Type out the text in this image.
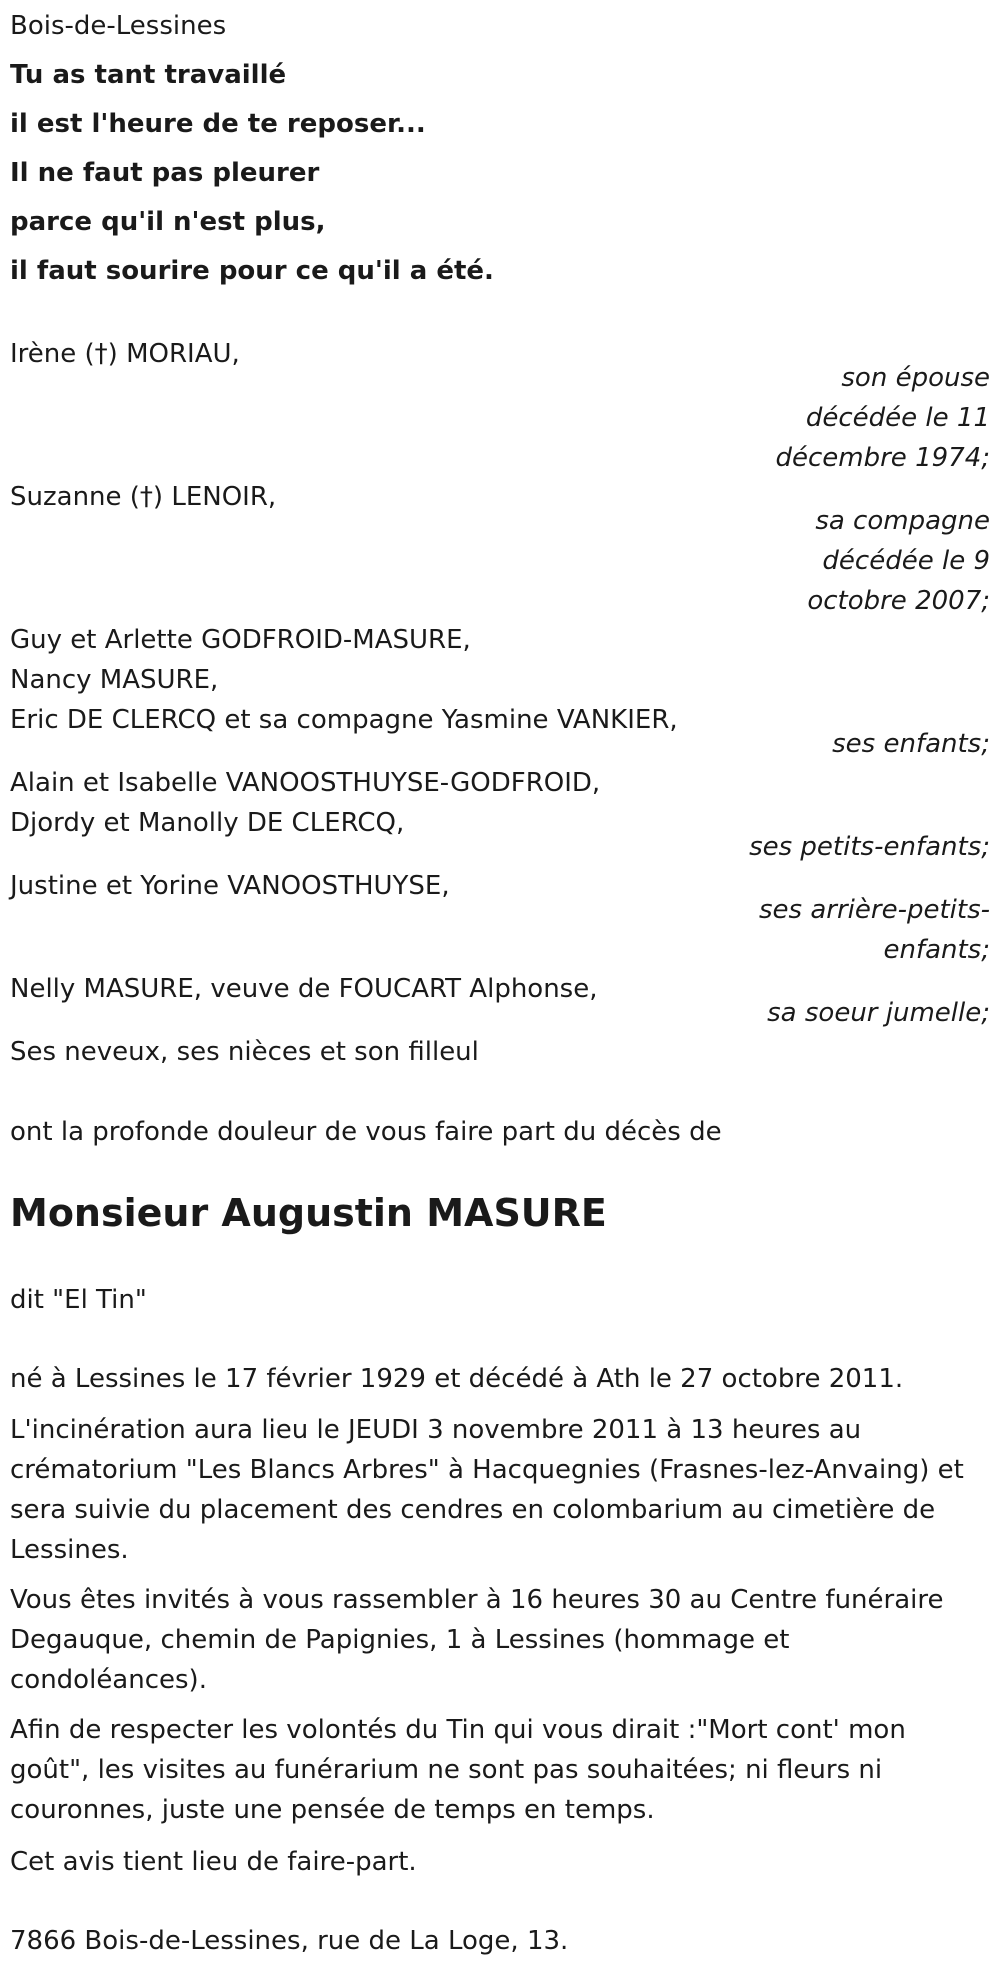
Bois-de-Lessines
Tu as tant travaillé
il est l'heure de te reposer...
Il ne faut pas pleurer
parce qu'il n'est plus,
il faut sourire pour ce qu'il a été.
Irène (†) MORIAU,
son épouse
décédée le 11
décembre 1974;
Suzanne (†) LENOIR,
sa compagne
décédée le 9
octobre 2007;
Guy et Arlette GODFROID-MASURE,
Nancy MASURE,
Eric DE CLERCQ et sa compagne Yasmine VANKIER,
ses enfants;
Alain et Isabelle VANOOSTHUYSE-GODFROID,
Djordy et Manolly DE CLERCQ,
ses petits-enfants;
Justine et Yorine VANOOSTHUYSE,
ses arrière-petits-
enfants;
Nelly MASURE, veuve de FOUCART Alphonse,
sa soeur jumelle;
Ses neveux, ses nièces et son filleul
ont la profonde douleur de vous faire part du décès de
Monsieur Augustin MASURE
dit "El Tin"
né à Lessines le 17 février 1929 et décédé à Ath le 27 octobre 2011.
L'incinération aura lieu le JEUDI 3 novembre 2011 à 13 heures au crématorium "Les Blancs Arbres" à Hacquegnies (Frasnes-lez-Anvaing) et sera suivie du placement des cendres en colombarium au cimetière de Lessines.
Vous êtes invités à vous rassembler à 16 heures 30 au Centre funéraire Degauque, chemin de Papignies, 1 à Lessines (hommage et condoléances).
Afin de respecter les volontés du Tin qui vous dirait :"Mort cont' mon goût", les visites au funérarium ne sont pas souhaitées; ni fleurs ni couronnes, juste une pensée de temps en temps.
Cet avis tient lieu de faire-part.
7866 Bois-de-Lessines, rue de La Loge, 13.
